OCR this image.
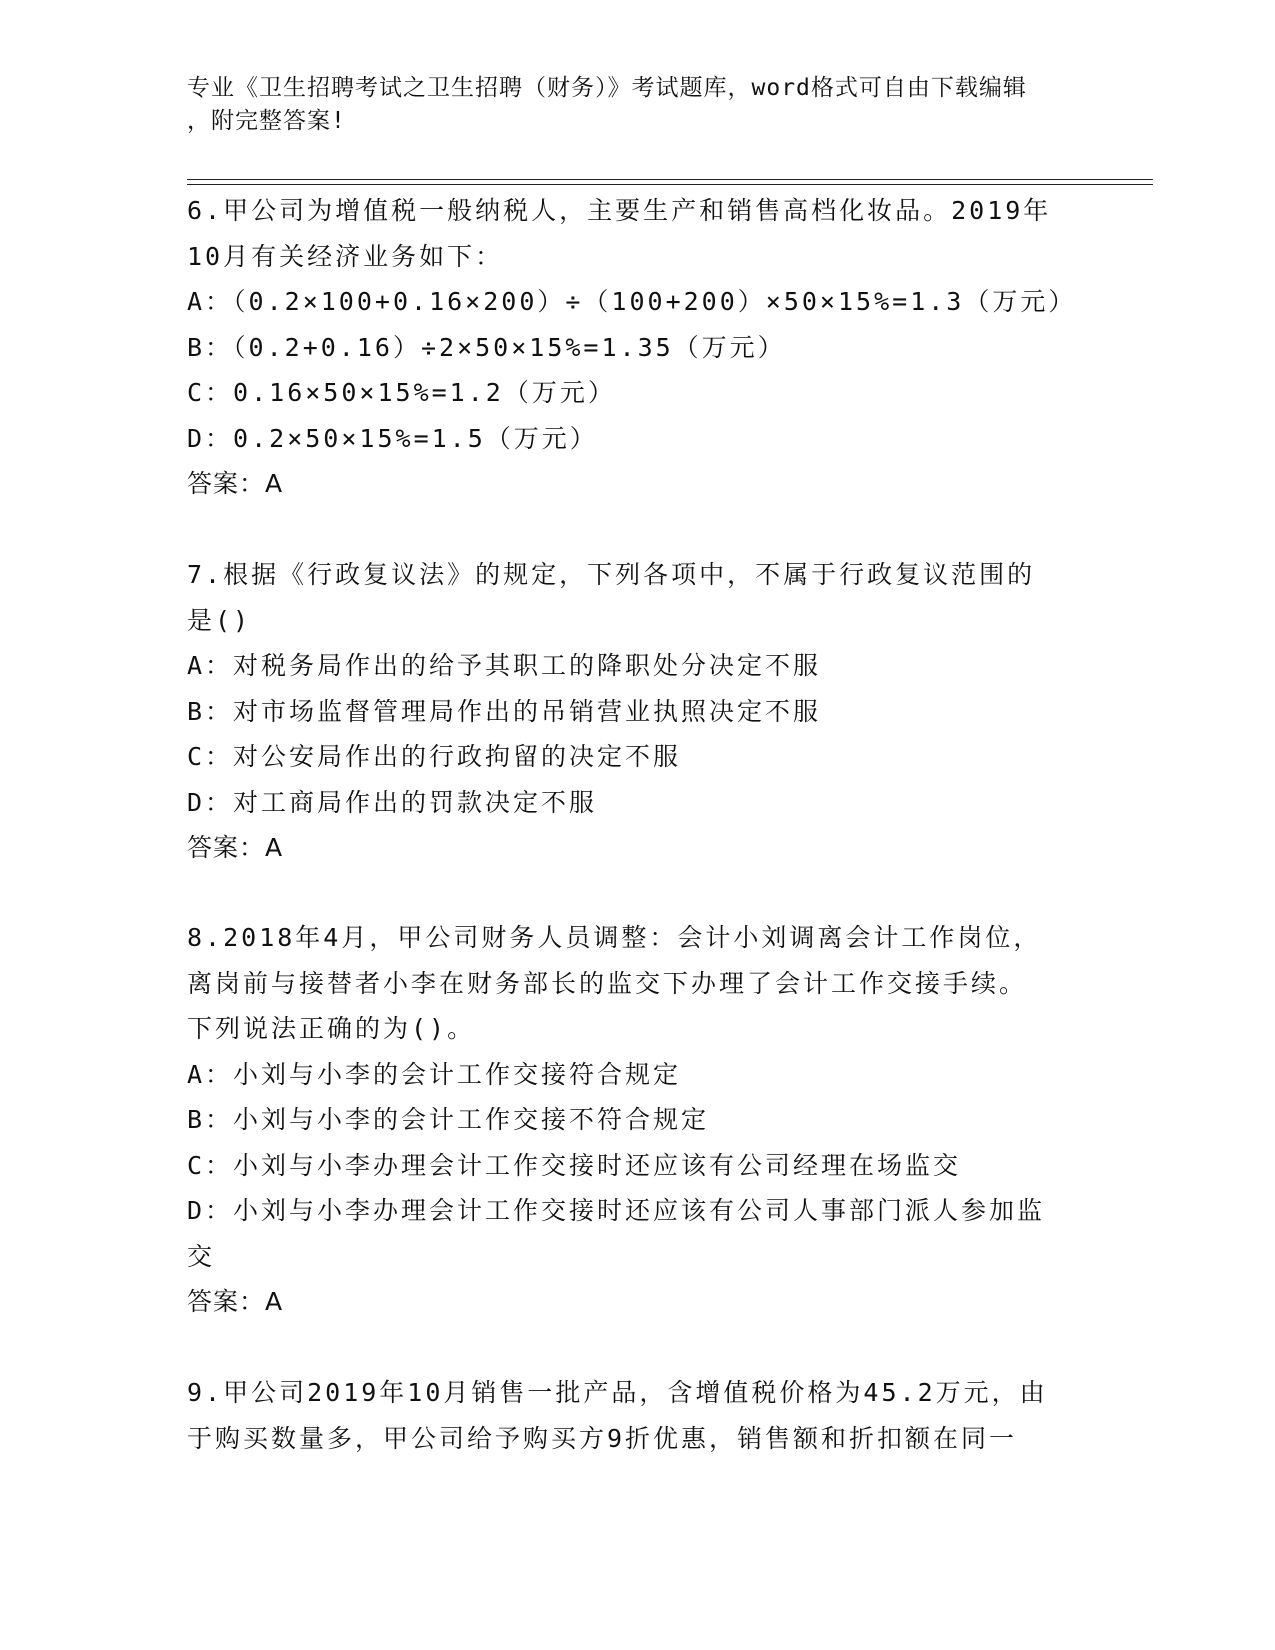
专业《卫生招聘考试之卫生招聘（财务）》考试题库，word格式可自由下载编辑
，附完整答案!
6.甲公司为增值税一般纳税人，主要生产和销售高档化妆品。2019年
10月有关经济业务如下：
A：（0.2×100+0.16×200）÷（100+200）×50×15%=1.3（万元）
B：（0.2+0.16）÷2×50×15%=1.35（万元）
C：0.16×50×15%=1.2（万元）
D：0.2×50×15%=1.5（万元）
答案：A
7.根据《行政复议法》的规定，下列各项中，不属于行政复议范围的
是()
A：对税务局作出的给予其职工的降职处分决定不服
B：对市场监督管理局作出的吊销营业执照决定不服
C：对公安局作出的行政拘留的决定不服
D：对工商局作出的罚款决定不服
答案：A
8.2018年4月，甲公司财务人员调整：会计小刘调离会计工作岗位，
离岗前与接替者小李在财务部长的监交下办理了会计工作交接手续。
下列说法正确的为()。
A：小刘与小李的会计工作交接符合规定
B：小刘与小李的会计工作交接不符合规定
C：小刘与小李办理会计工作交接时还应该有公司经理在场监交
D：小刘与小李办理会计工作交接时还应该有公司人事部门派人参加监
交
答案：A
9.甲公司2019年10月销售一批产品，含增值税价格为45.2万元，由
于购买数量多，甲公司给予购买方9折优惠，销售额和折扣额在同一
